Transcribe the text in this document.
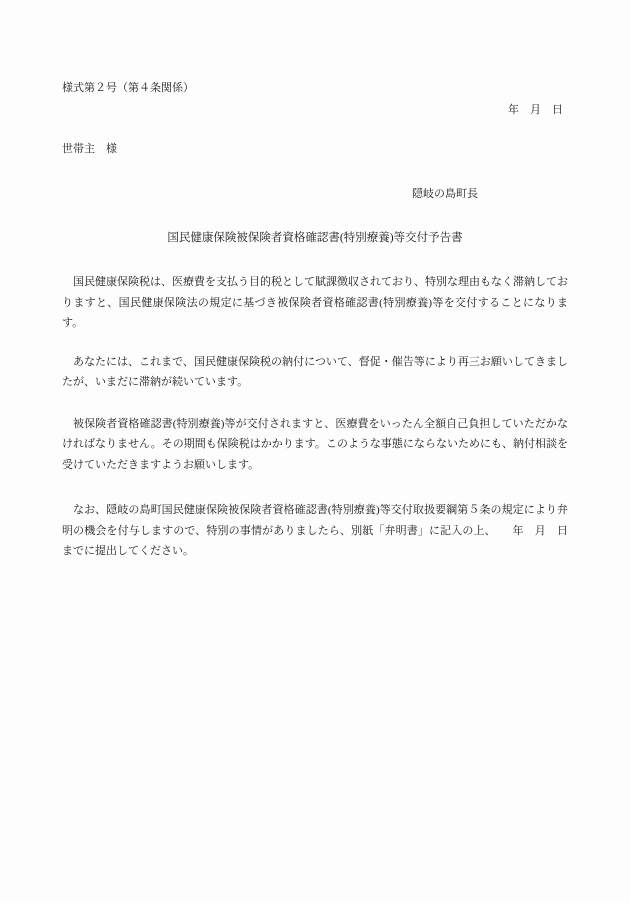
様式第２号（第４条関係）
年　月　日
世帯主　様
隠岐の島町長
国民健康保険被保険者資格確認書(特別療養)等交付予告書

国民健康保険税は、医療費を支払う目的税として賦課徴収されており、特別な理由もなく滞納しておりますと、国民健康保険法の規定に基づき被保険者資格確認書(特別療養)等を交付することになります。

あなたには、これまで、国民健康保険税の納付について、督促・催告等により再三お願いしてきましたが、いまだに滞納が続いています。

被保険者資格確認書(特別療養)等が交付されますと、医療費をいったん全額自己負担していただかなければなりません。その期間も保険税はかかります。このような事態にならないためにも、納付相談を受けていただきますようお願いします。

なお、隠岐の島町国民健康保険被保険者資格確認書(特別療養)等交付取扱要綱第５条の規定により弁明の機会を付与しますので、特別の事情がありましたら、別紙「弁明書」に記入の上、　　年　月　日までに提出してください。
